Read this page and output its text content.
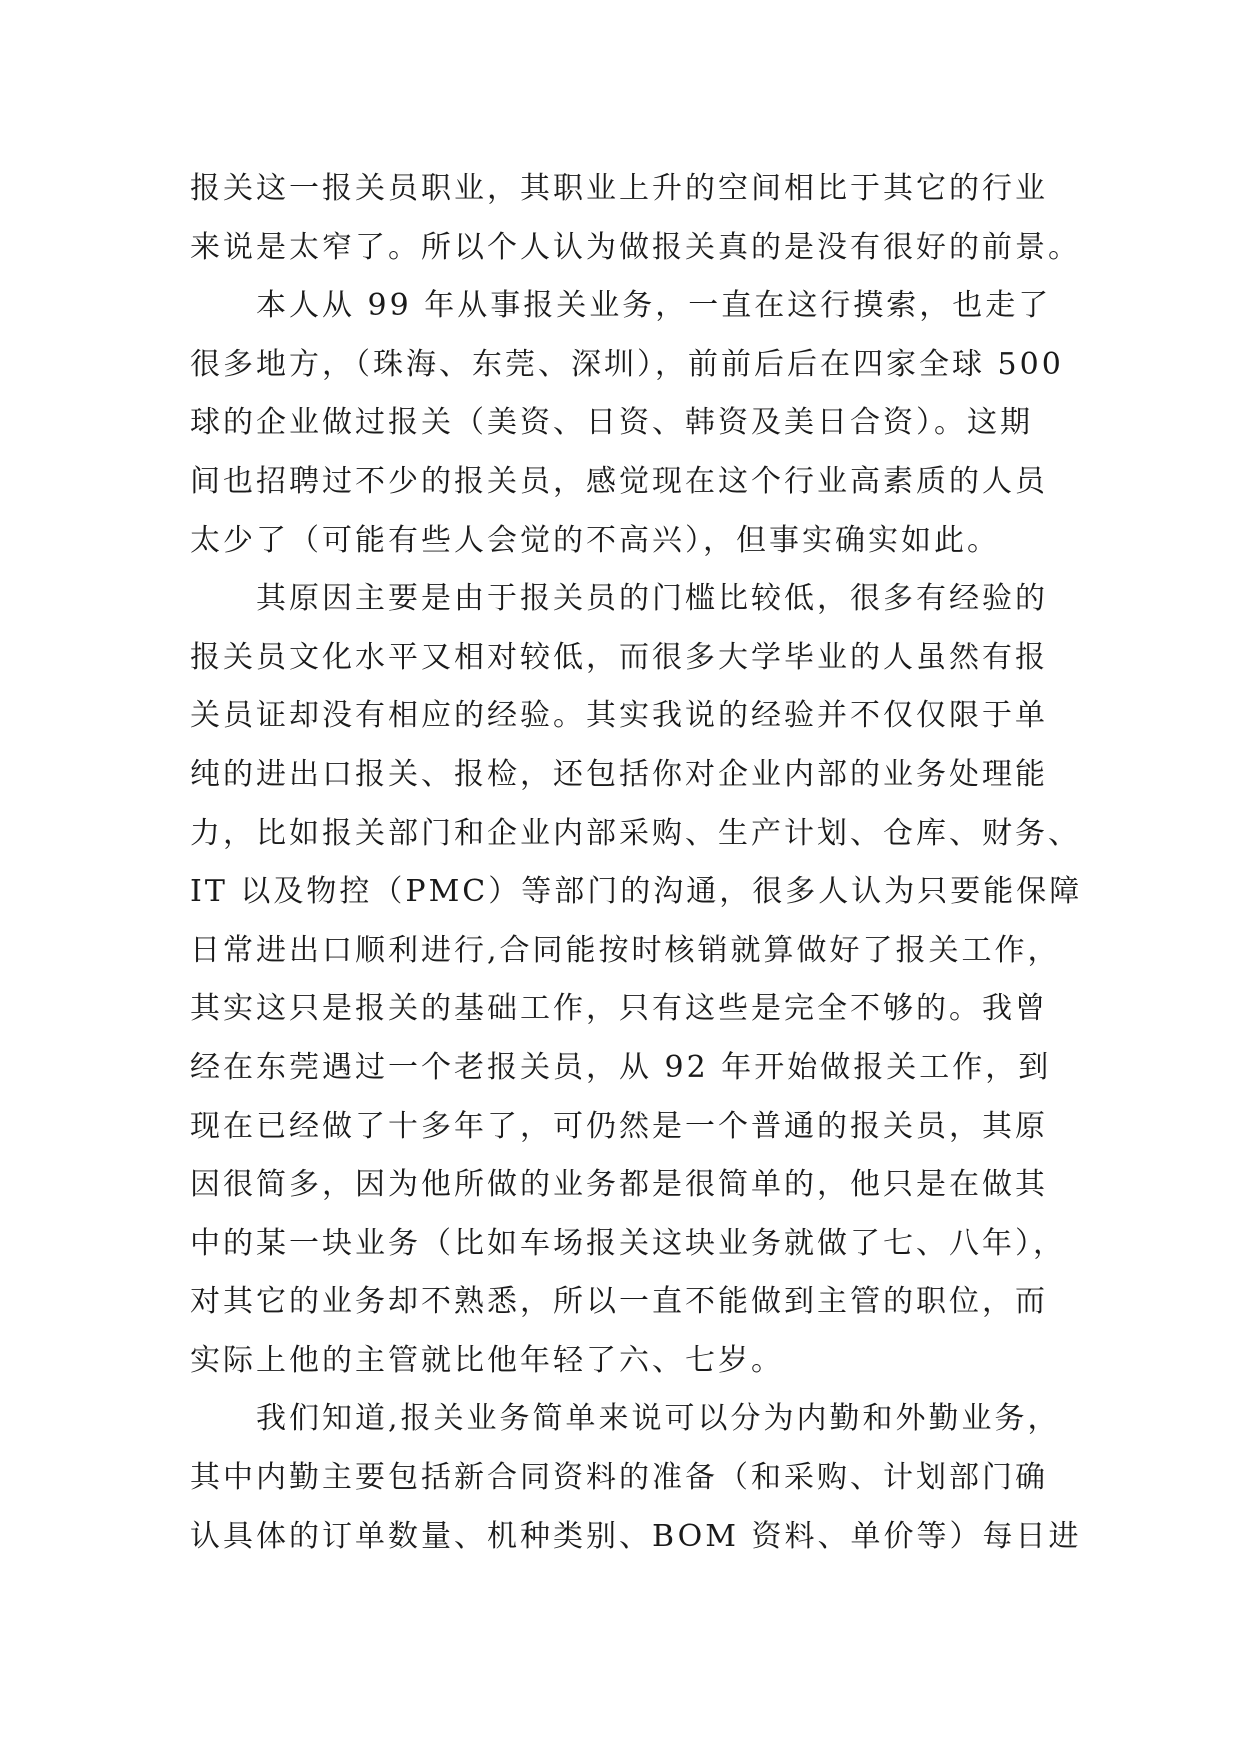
报关这一报关员职业，其职业上升的空间相比于其它的行业
来说是太窄了。所以个人认为做报关真的是没有很好的前景。
本人从 99 年从事报关业务，一直在这行摸索，也走了
很多地方，（珠海、东莞、深圳），前前后后在四家全球 500
球的企业做过报关（美资、日资、韩资及美日合资）。这期
间也招聘过不少的报关员，感觉现在这个行业高素质的人员
太少了（可能有些人会觉的不高兴），但事实确实如此。
其原因主要是由于报关员的门槛比较低，很多有经验的
报关员文化水平又相对较低，而很多大学毕业的人虽然有报
关员证却没有相应的经验。其实我说的经验并不仅仅限于单
纯的进出口报关、报检，还包括你对企业内部的业务处理能
力，比如报关部门和企业内部采购、生产计划、仓库、财务、
IT 以及物控（PMC）等部门的沟通，很多人认为只要能保障
日常进出口顺利进行,合同能按时核销就算做好了报关工作，
其实这只是报关的基础工作，只有这些是完全不够的。我曾
经在东莞遇过一个老报关员，从 92 年开始做报关工作，到
现在已经做了十多年了，可仍然是一个普通的报关员，其原
因很简多，因为他所做的业务都是很简单的，他只是在做其
中的某一块业务（比如车场报关这块业务就做了七、八年），
对其它的业务却不熟悉，所以一直不能做到主管的职位，而
实际上他的主管就比他年轻了六、七岁。
我们知道,报关业务简单来说可以分为内勤和外勤业务，
其中内勤主要包括新合同资料的准备（和采购、计划部门确
认具体的订单数量、机种类别、BOM 资料、单价等）每日进
